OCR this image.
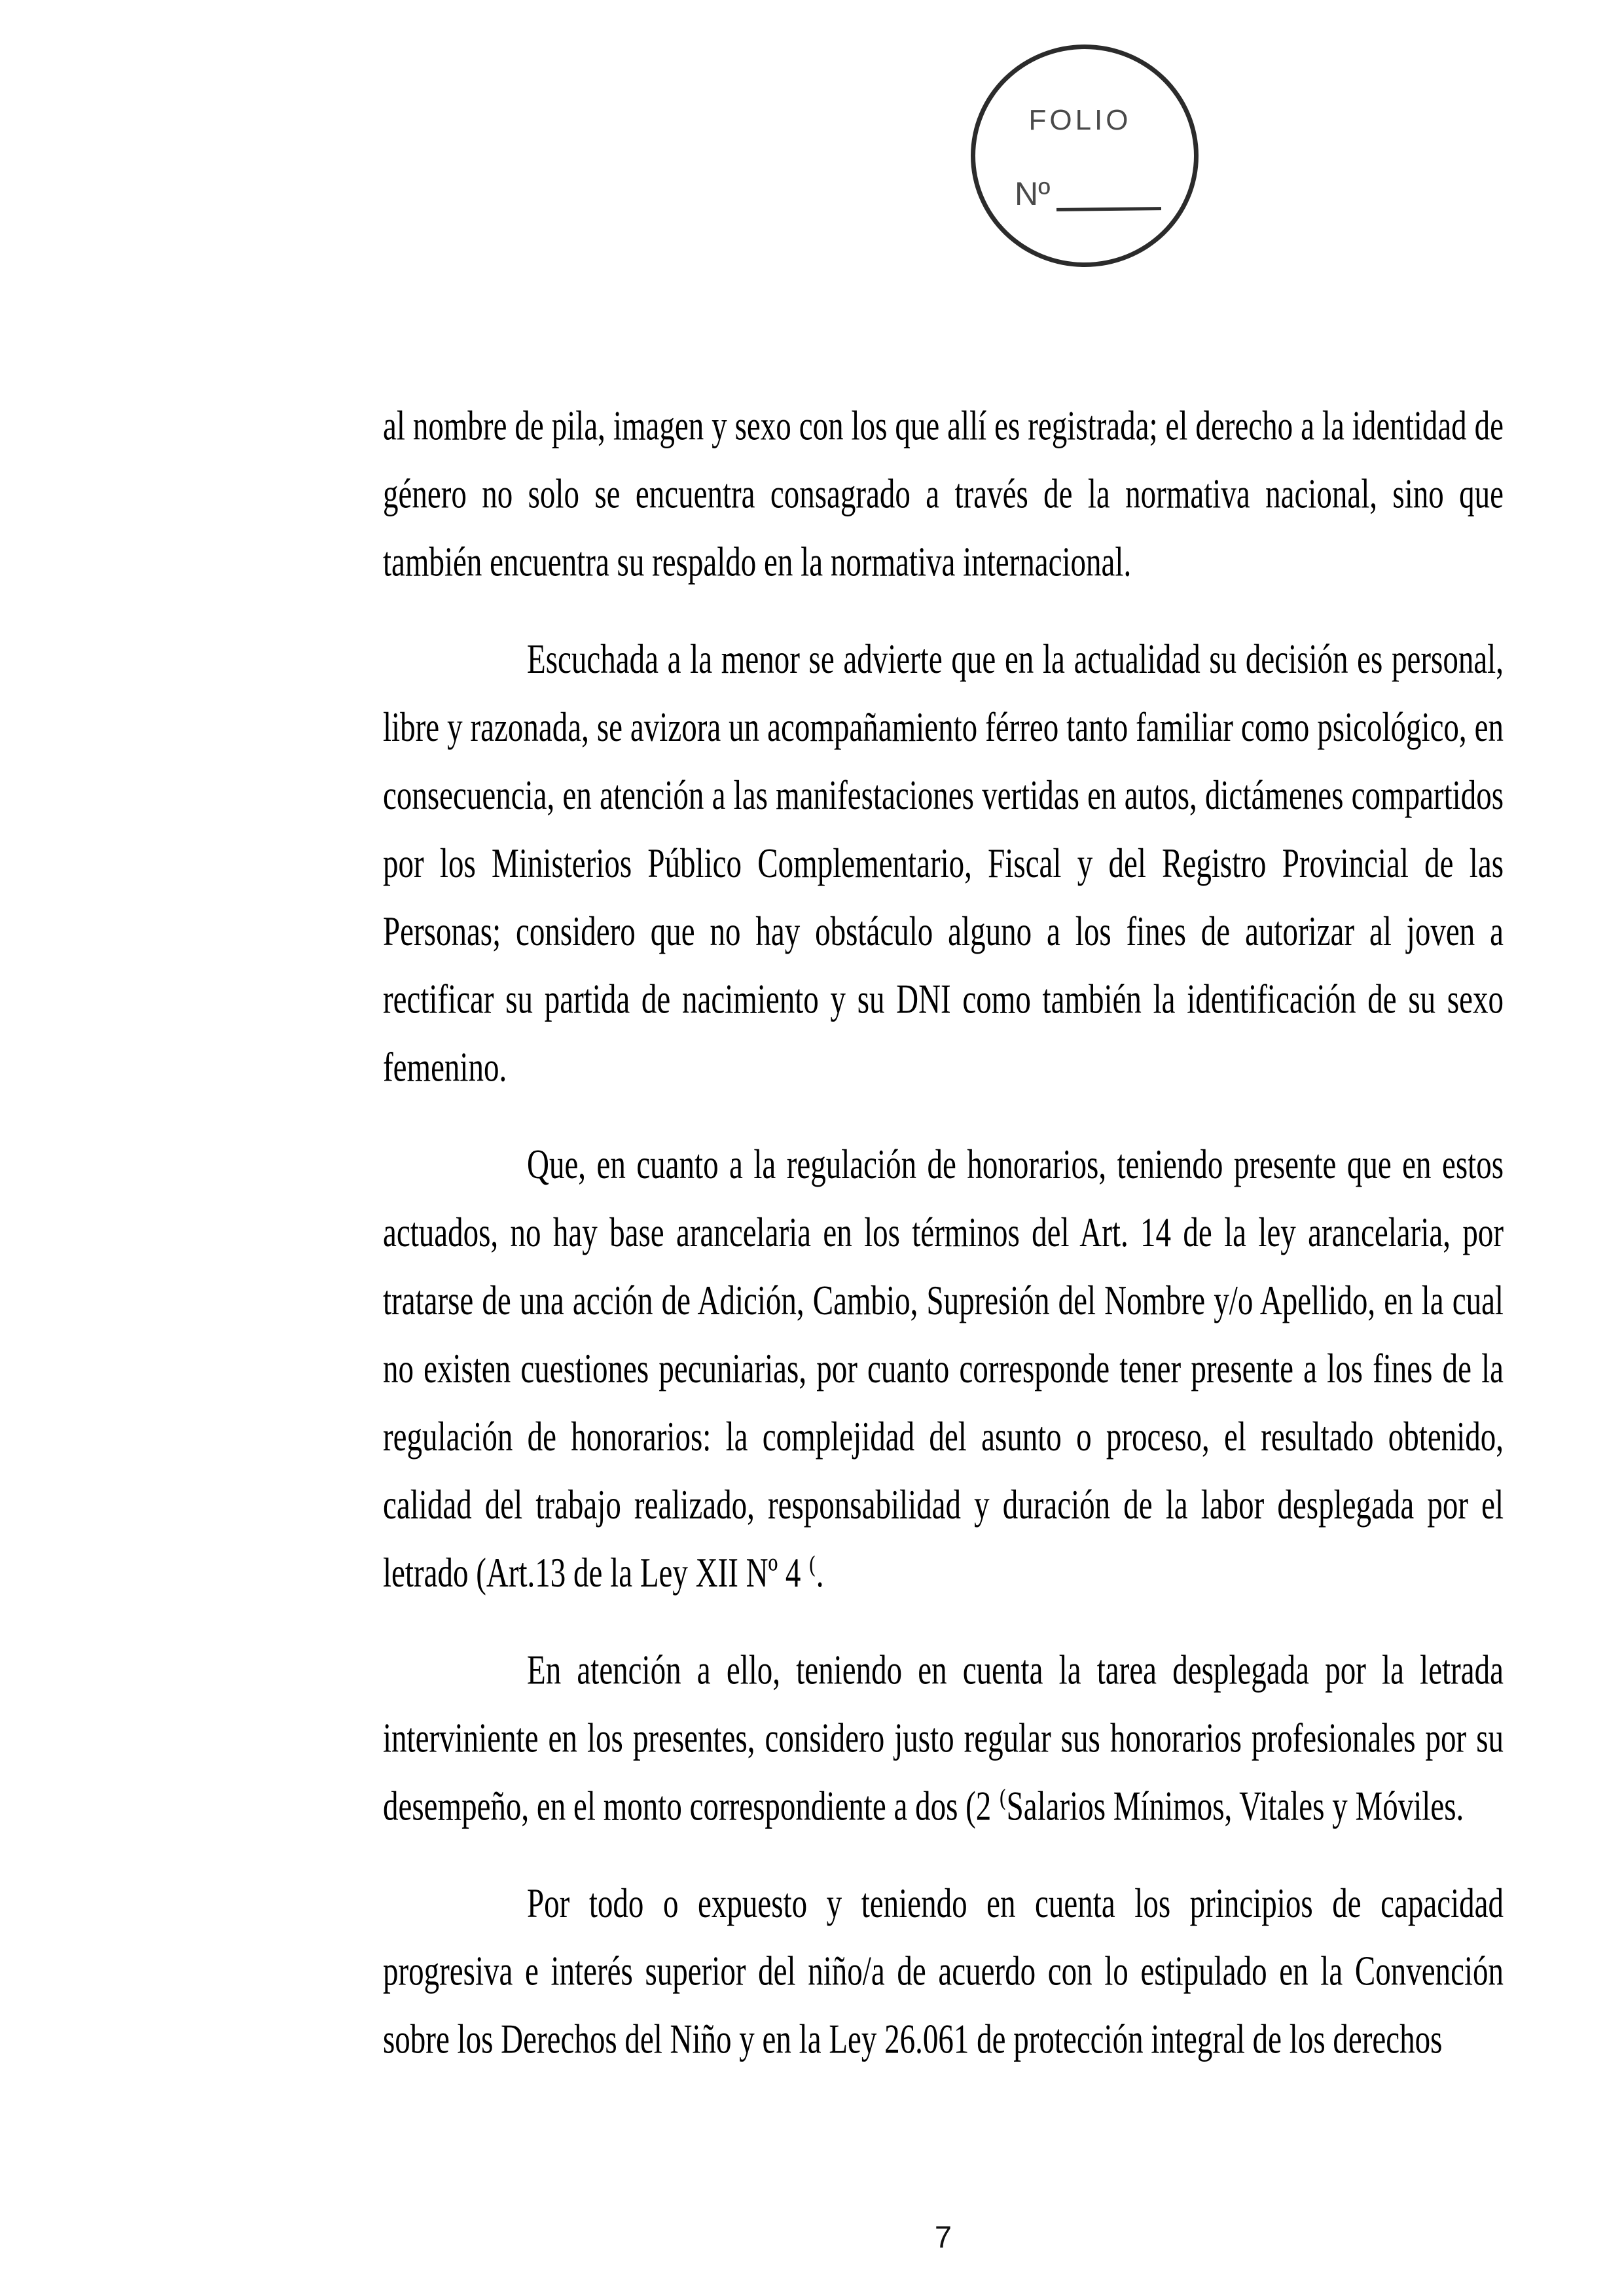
FOLIO
Nº

al nombre de pila, imagen y sexo con los que allí es registrada; el derecho a la identidad de género no solo se encuentra consagrado a través de la normativa nacional, sino que también encuentra su respaldo en la normativa internacional.

Escuchada a la menor se advierte que en la actualidad su decisión es personal, libre y razonada, se avizora un acompañamiento férreo tanto familiar como psicológico, en consecuencia, en atención a las manifestaciones vertidas en autos, dictámenes compartidos por los Ministerios Público Complementario, Fiscal y del Registro Provincial de las Personas; considero que no hay obstáculo alguno a los fines de autorizar al joven a rectificar su partida de nacimiento y su DNI como también la identificación de su sexo femenino.

Que, en cuanto a la regulación de honorarios, teniendo presente que en estos actuados, no hay base arancelaria en los términos del Art. 14 de la ley arancelaria, por tratarse de una acción de Adición, Cambio, Supresión del Nombre y/o Apellido, en la cual no existen cuestiones pecuniarias, por cuanto corresponde tener presente a los fines de la regulación de honorarios: la complejidad del asunto o proceso, el resultado obtenido, calidad del trabajo realizado, responsabilidad y duración de la labor desplegada por el letrado (Art.13 de la Ley XII Nº 4 ⁽.

En atención a ello, teniendo en cuenta la tarea desplegada por la letrada interviniente en los presentes, considero justo regular sus honorarios profesionales por su desempeño, en el monto correspondiente a dos (2 ⁽Salarios Mínimos, Vitales y Móviles.

Por todo o expuesto y teniendo en cuenta los principios de capacidad progresiva e interés superior del niño/a de acuerdo con lo estipulado en la Convención sobre los Derechos del Niño y en la Ley 26.061 de protección integral de los derechos

7
